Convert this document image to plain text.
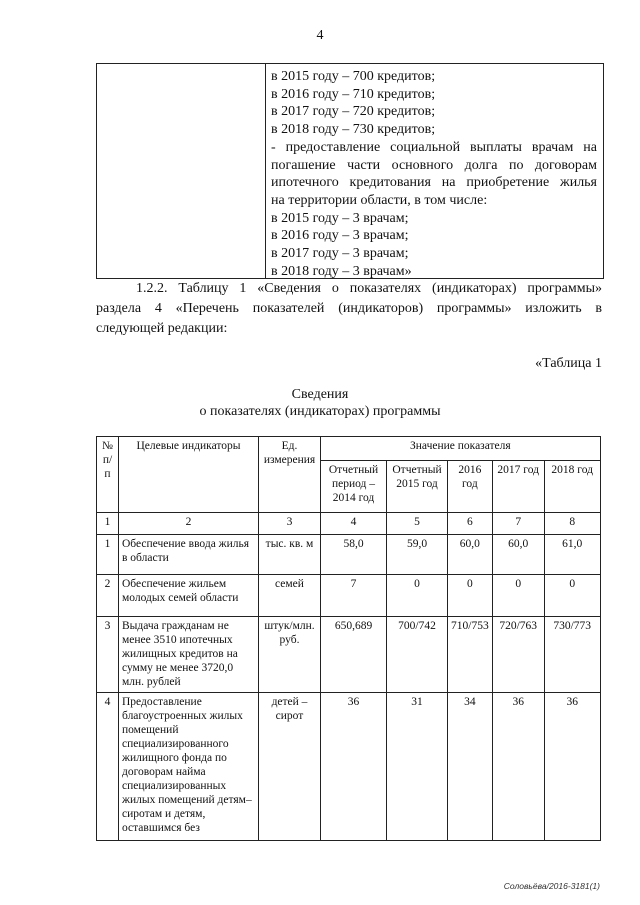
4
в 2015 году – 700 кредитов;
в 2016 году – 710 кредитов;
в 2017 году – 720 кредитов;
в 2018 году – 730 кредитов;
- предоставление социальной выплаты врачам на
погашение части основного долга по договорам
ипотечного кредитования на приобретение жилья
на территории области, в том числе:
в 2015 году – 3 врачам;
в 2016 году – 3 врачам;
в 2017 году – 3 врачам;
в 2018 году – 3 врачам»
1.2.2. Таблицу 1 «Сведения о показателях (индикаторах) программы»
раздела 4 «Перечень показателей (индикаторов) программы» изложить в
следующей редакции:
«Таблица 1
Сведения
о показателях (индикаторах) программы
№ п/п	Целевые индикаторы	Ед. измерения	Значение показателя				
			Отчетный период – 2014 год	Отчетный 2015 год	2016 год	2017 год	2018 год
1	2	3	4	5	6	7	8
1	Обеспечение ввода жилья в области	тыс. кв. м	58,0	59,0	60,0	60,0	61,0
2	Обеспечение жильем молодых семей области	семей	7	0	0	0	0
3	Выдача гражданам не менее 3510 ипотечных жилищных кредитов на сумму не менее 3720,0 млн. рублей	штук/млн. руб.	650,689	700/742	710/753	720/763	730/773
4	Предоставление благоустроенных жилых помещений специализированного жилищного фонда по договорам найма специализированных жилых помещений детям–сиротам и детям, оставшимся без	детей – сирот	36	31	34	36	36
Соловьёва/2016-3181(1)
